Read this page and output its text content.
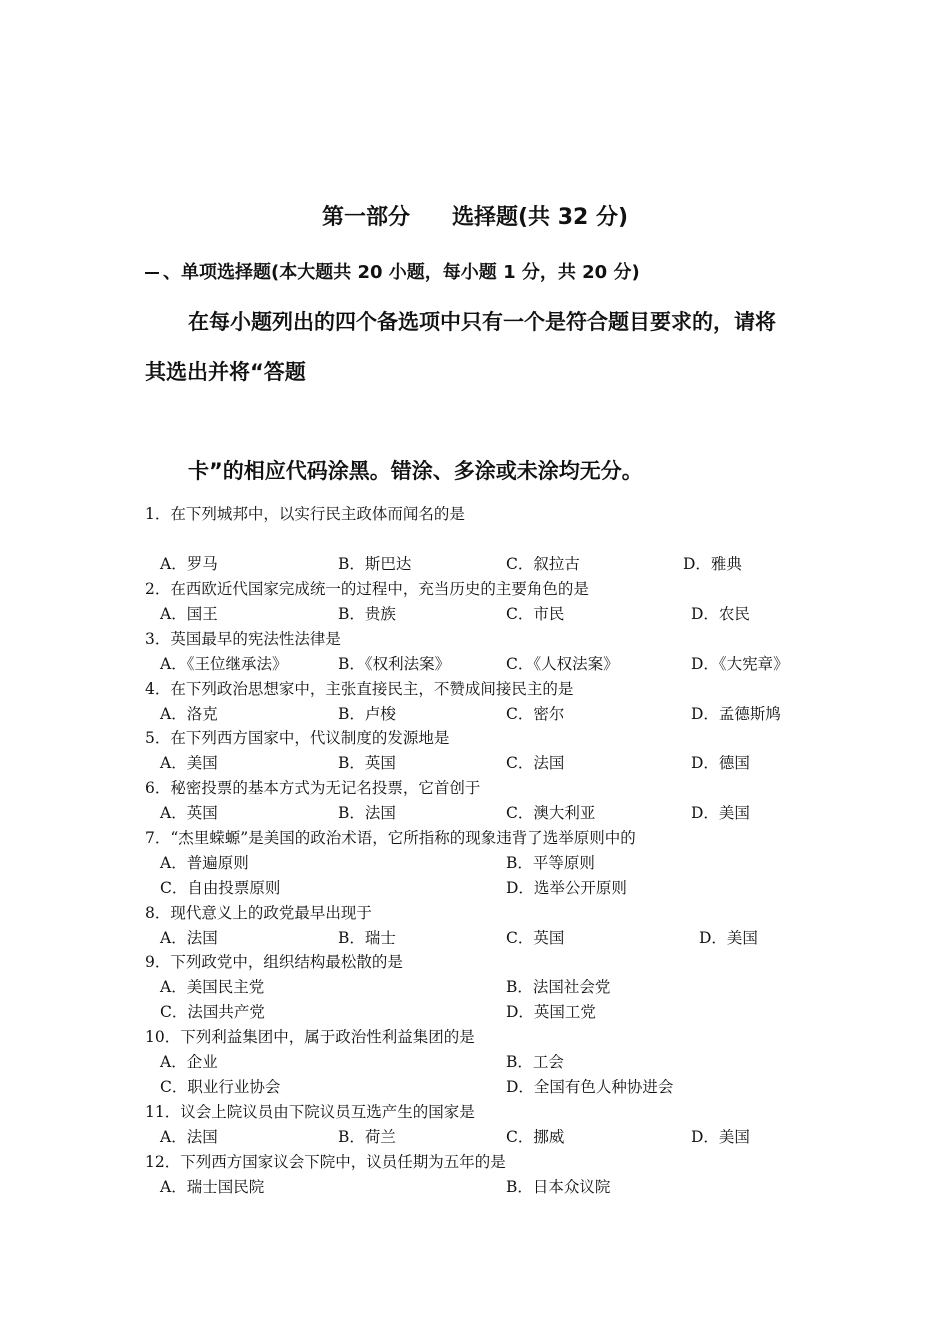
第一部分 选择题(共 32 分)
、单项选择题(本大题共 20 小题，每小题 1 分，共 20 分)
在每小题列出的四个备选项中只有一个是符合题目要求的，请将
其选出并将“答题
卡”的相应代码涂黑。错涂、多涂或未涂均无分。
1．在下列城邦中，以实行民主政体而闻名的是
A．罗马	B．斯巴达	C．叙拉古	D．雅典
2．在西欧近代国家完成统一的过程中，充当历史的主要角色的是
A．国王	B．贵族	C．市民	D．农民
3．英国最早的宪法性法律是
A．《王位继承法》	B．《权利法案》	C．《人权法案》	D．《大宪章》
4．在下列政治思想家中，主张直接民主，不赞成间接民主的是
A．洛克	B．卢梭	C．密尔	D．孟德斯鸠
5．在下列西方国家中，代议制度的发源地是
A．美国	B．英国	C．法国	D．德国
6．秘密投票的基本方式为无记名投票，它首创于
A．英国	B．法国	C．澳大利亚	D．美国
7．“杰里蝾螈”是美国的政治术语，它所指称的现象违背了选举原则中的
A．普遍原则	B．平等原则
C．自由投票原则	D．选举公开原则
8．现代意义上的政党最早出现于
A．法国	B．瑞士	C．英国	D．美国
9．下列政党中，组织结构最松散的是
A．美国民主党	B．法国社会党
C．法国共产党	D．英国工党
10．下列利益集团中，属于政治性利益集团的是
A．企业	B．工会
C．职业行业协会	D．全国有色人种协进会
11．议会上院议员由下院议员互选产生的国家是
A．法国	B．荷兰	C．挪威	D．美国
12．下列西方国家议会下院中，议员任期为五年的是
A．瑞士国民院	B．日本众议院
